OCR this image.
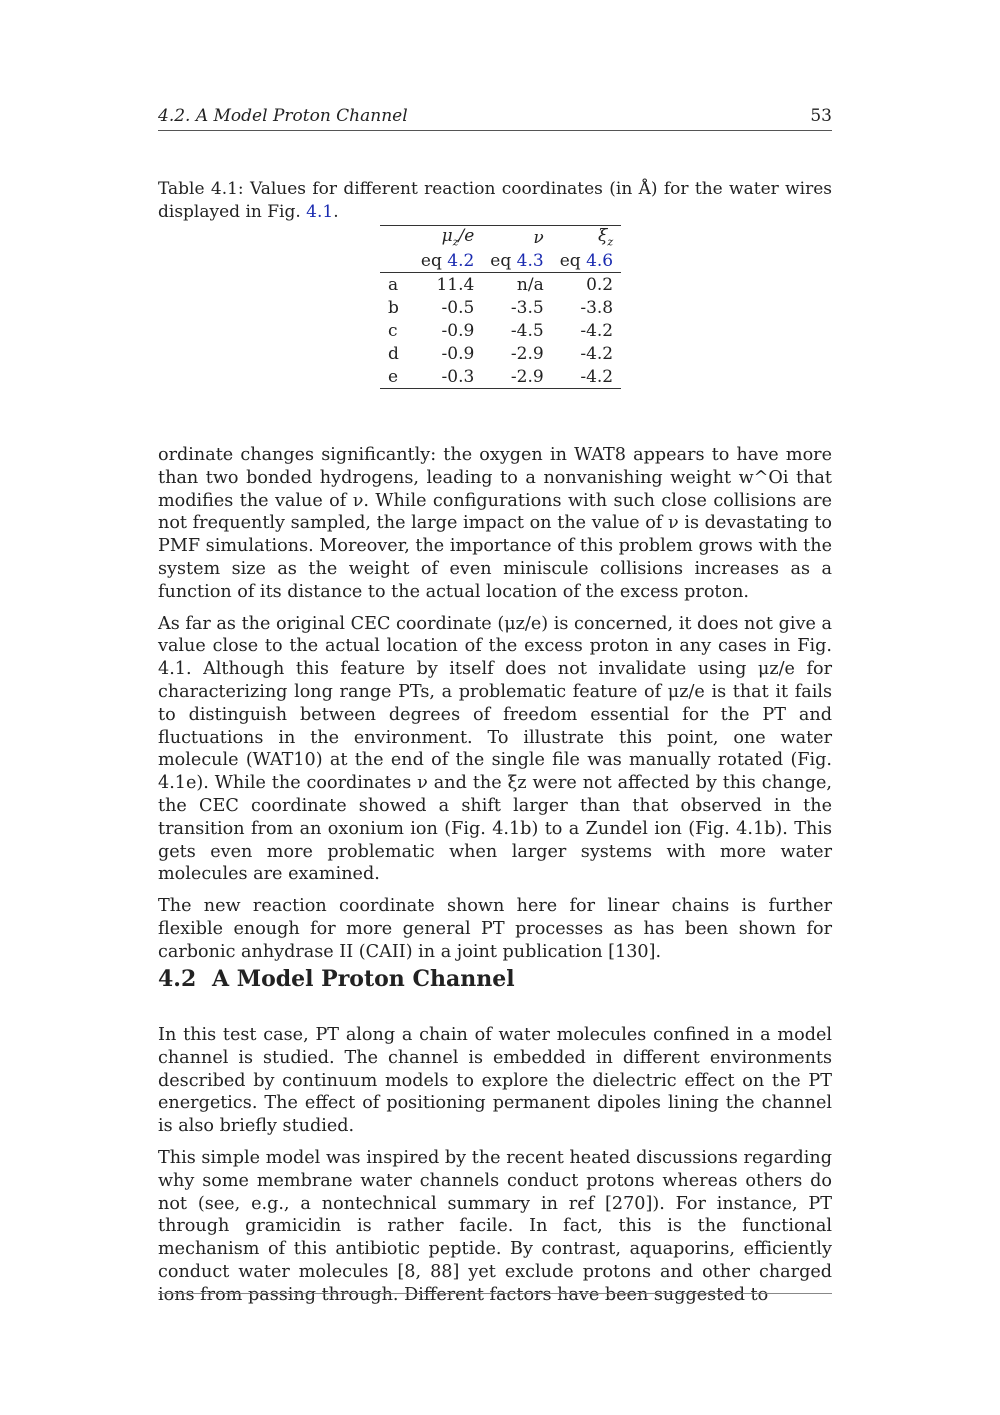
4.2. A Model Proton Channel	53
Table 4.1: Values for different reaction coordinates (in Å) for the water wires displayed in Fig. 4.1.
	$\mu_z/e$	ν	$\xi_z$
	eq 4.2	eq 4.3	eq 4.6
a	11.4	n/a	0.2
b	-0.5	-3.5	-3.8
c	-0.9	-4.5	-4.2
d	-0.9	-2.9	-4.2
e	-0.3	-2.9	-4.2

ordinate changes significantly: the oxygen in WAT8 appears to have more than two bonded hydrogens, leading to a nonvanishing weight w^Oi that modifies the value of ν. While configurations with such close collisions are not frequently sampled, the large impact on the value of ν is devastating to PMF simulations. Moreover, the importance of this problem grows with the system size as the weight of even miniscule collisions increases as a function of its distance to the actual location of the excess proton.

As far as the original CEC coordinate (μz/e) is concerned, it does not give a value close to the actual location of the excess proton in any cases in Fig. 4.1. Although this feature by itself does not invalidate using μz/e for characterizing long range PTs, a problematic feature of μz/e is that it fails to distinguish between degrees of freedom essential for the PT and fluctuations in the environment. To illustrate this point, one water molecule (WAT10) at the end of the single file was manually rotated (Fig. 4.1e). While the coordinates ν and the ξz were not affected by this change, the CEC coordinate showed a shift larger than that observed in the transition from an oxonium ion (Fig. 4.1b) to a Zundel ion (Fig. 4.1b). This gets even more problematic when larger systems with more water molecules are examined.

The new reaction coordinate shown here for linear chains is further flexible enough for more general PT processes as has been shown for carbonic anhydrase II (CAII) in a joint publication [130].

4.2 A Model Proton Channel

In this test case, PT along a chain of water molecules confined in a model channel is studied. The channel is embedded in different environments described by continuum models to explore the dielectric effect on the PT energetics. The effect of positioning permanent dipoles lining the channel is also briefly studied.

This simple model was inspired by the recent heated discussions regarding why some membrane water channels conduct protons whereas others do not (see, e.g., a nontechnical summary in ref [270]). For instance, PT through gramicidin is rather facile. In fact, this is the functional mechanism of this antibiotic peptide. By contrast, aquaporins, efficiently conduct water molecules [8, 88] yet exclude protons and other charged ions from passing through. Different factors have been suggested to
